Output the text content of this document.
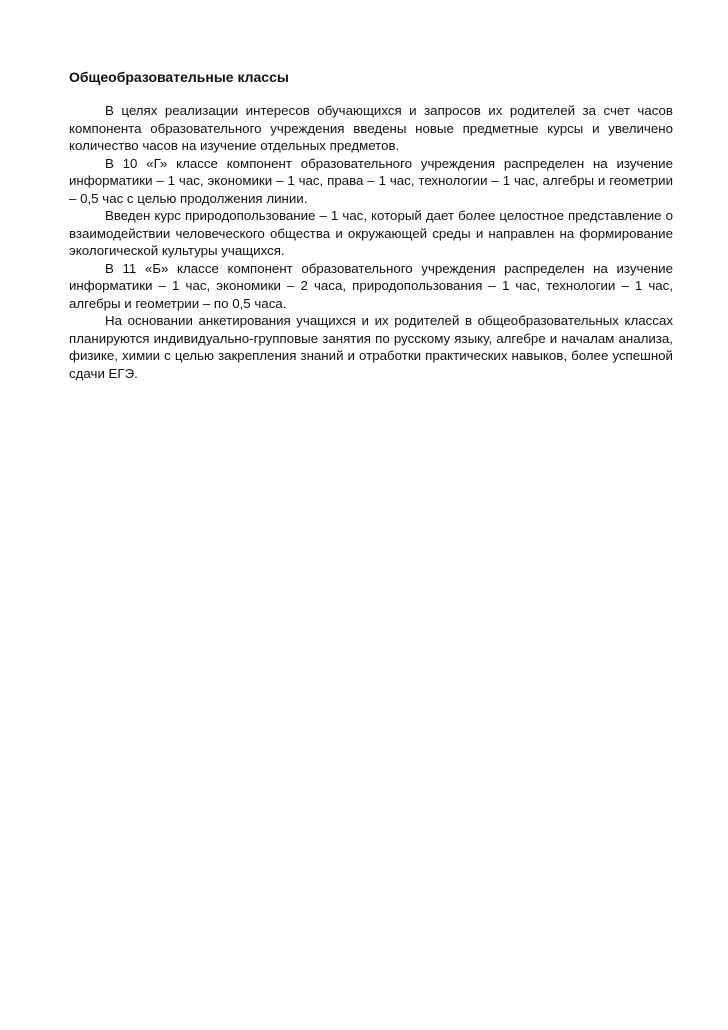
Общеобразовательные классы

В целях реализации интересов обучающихся и запросов их родителей за счет часов компонента образовательного учреждения введены новые предметные курсы и увеличено количество часов на изучение отдельных предметов.

В 10 «Г» классе компонент образовательного учреждения распределен на изучение информатики – 1 час, экономики – 1 час, права – 1 час, технологии – 1 час, алгебры и геометрии – 0,5 час с целью продолжения линии.

Введен курс природопользование – 1 час, который дает более целостное представление о взаимодействии человеческого общества и окружающей среды и направлен на формирование экологической культуры учащихся.

В 11 «Б» классе компонент образовательного учреждения распределен на изучение информатики – 1 час, экономики – 2 часа, природопользования – 1 час, технологии – 1 час, алгебры и геометрии – по 0,5 часа.

На основании анкетирования учащихся и их родителей в общеобразовательных классах планируются индивидуально-групповые занятия по русскому языку, алгебре и началам анализа, физике, химии с целью закрепления знаний и отработки практических навыков, более успешной сдачи ЕГЭ.
